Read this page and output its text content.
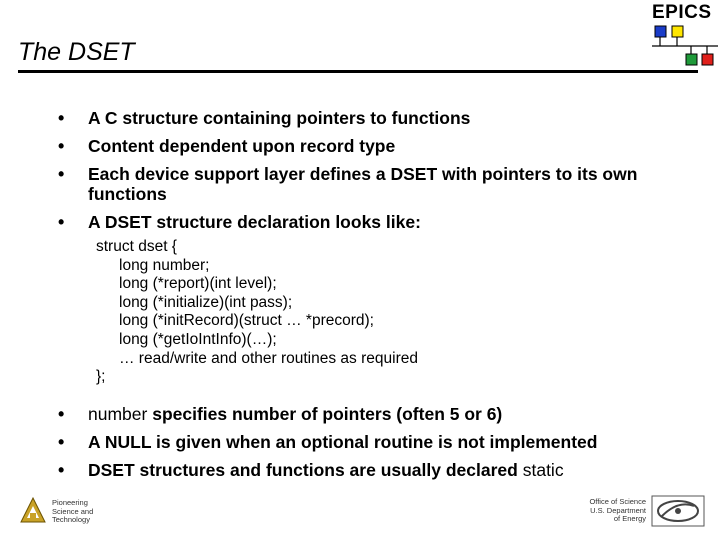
The DSET
EPICS
• A C structure containing pointers to functions
• Content dependent upon record type
• Each device support layer defines a DSET with pointers to its own functions
• A DSET structure declaration looks like:
struct dset {
long number;
long (*report)(int level);
long (*initialize)(int pass);
long (*initRecord)(struct … *precord);
long (*getIoIntInfo)(…);
… read/write and other routines as required
};
• number specifies number of pointers (often 5 or 6)
• A NULL is given when an optional routine is not implemented
• DSET structures and functions are usually declared static
Pioneering
Science and
Technology
Office of Science
U.S. Department
of Energy
